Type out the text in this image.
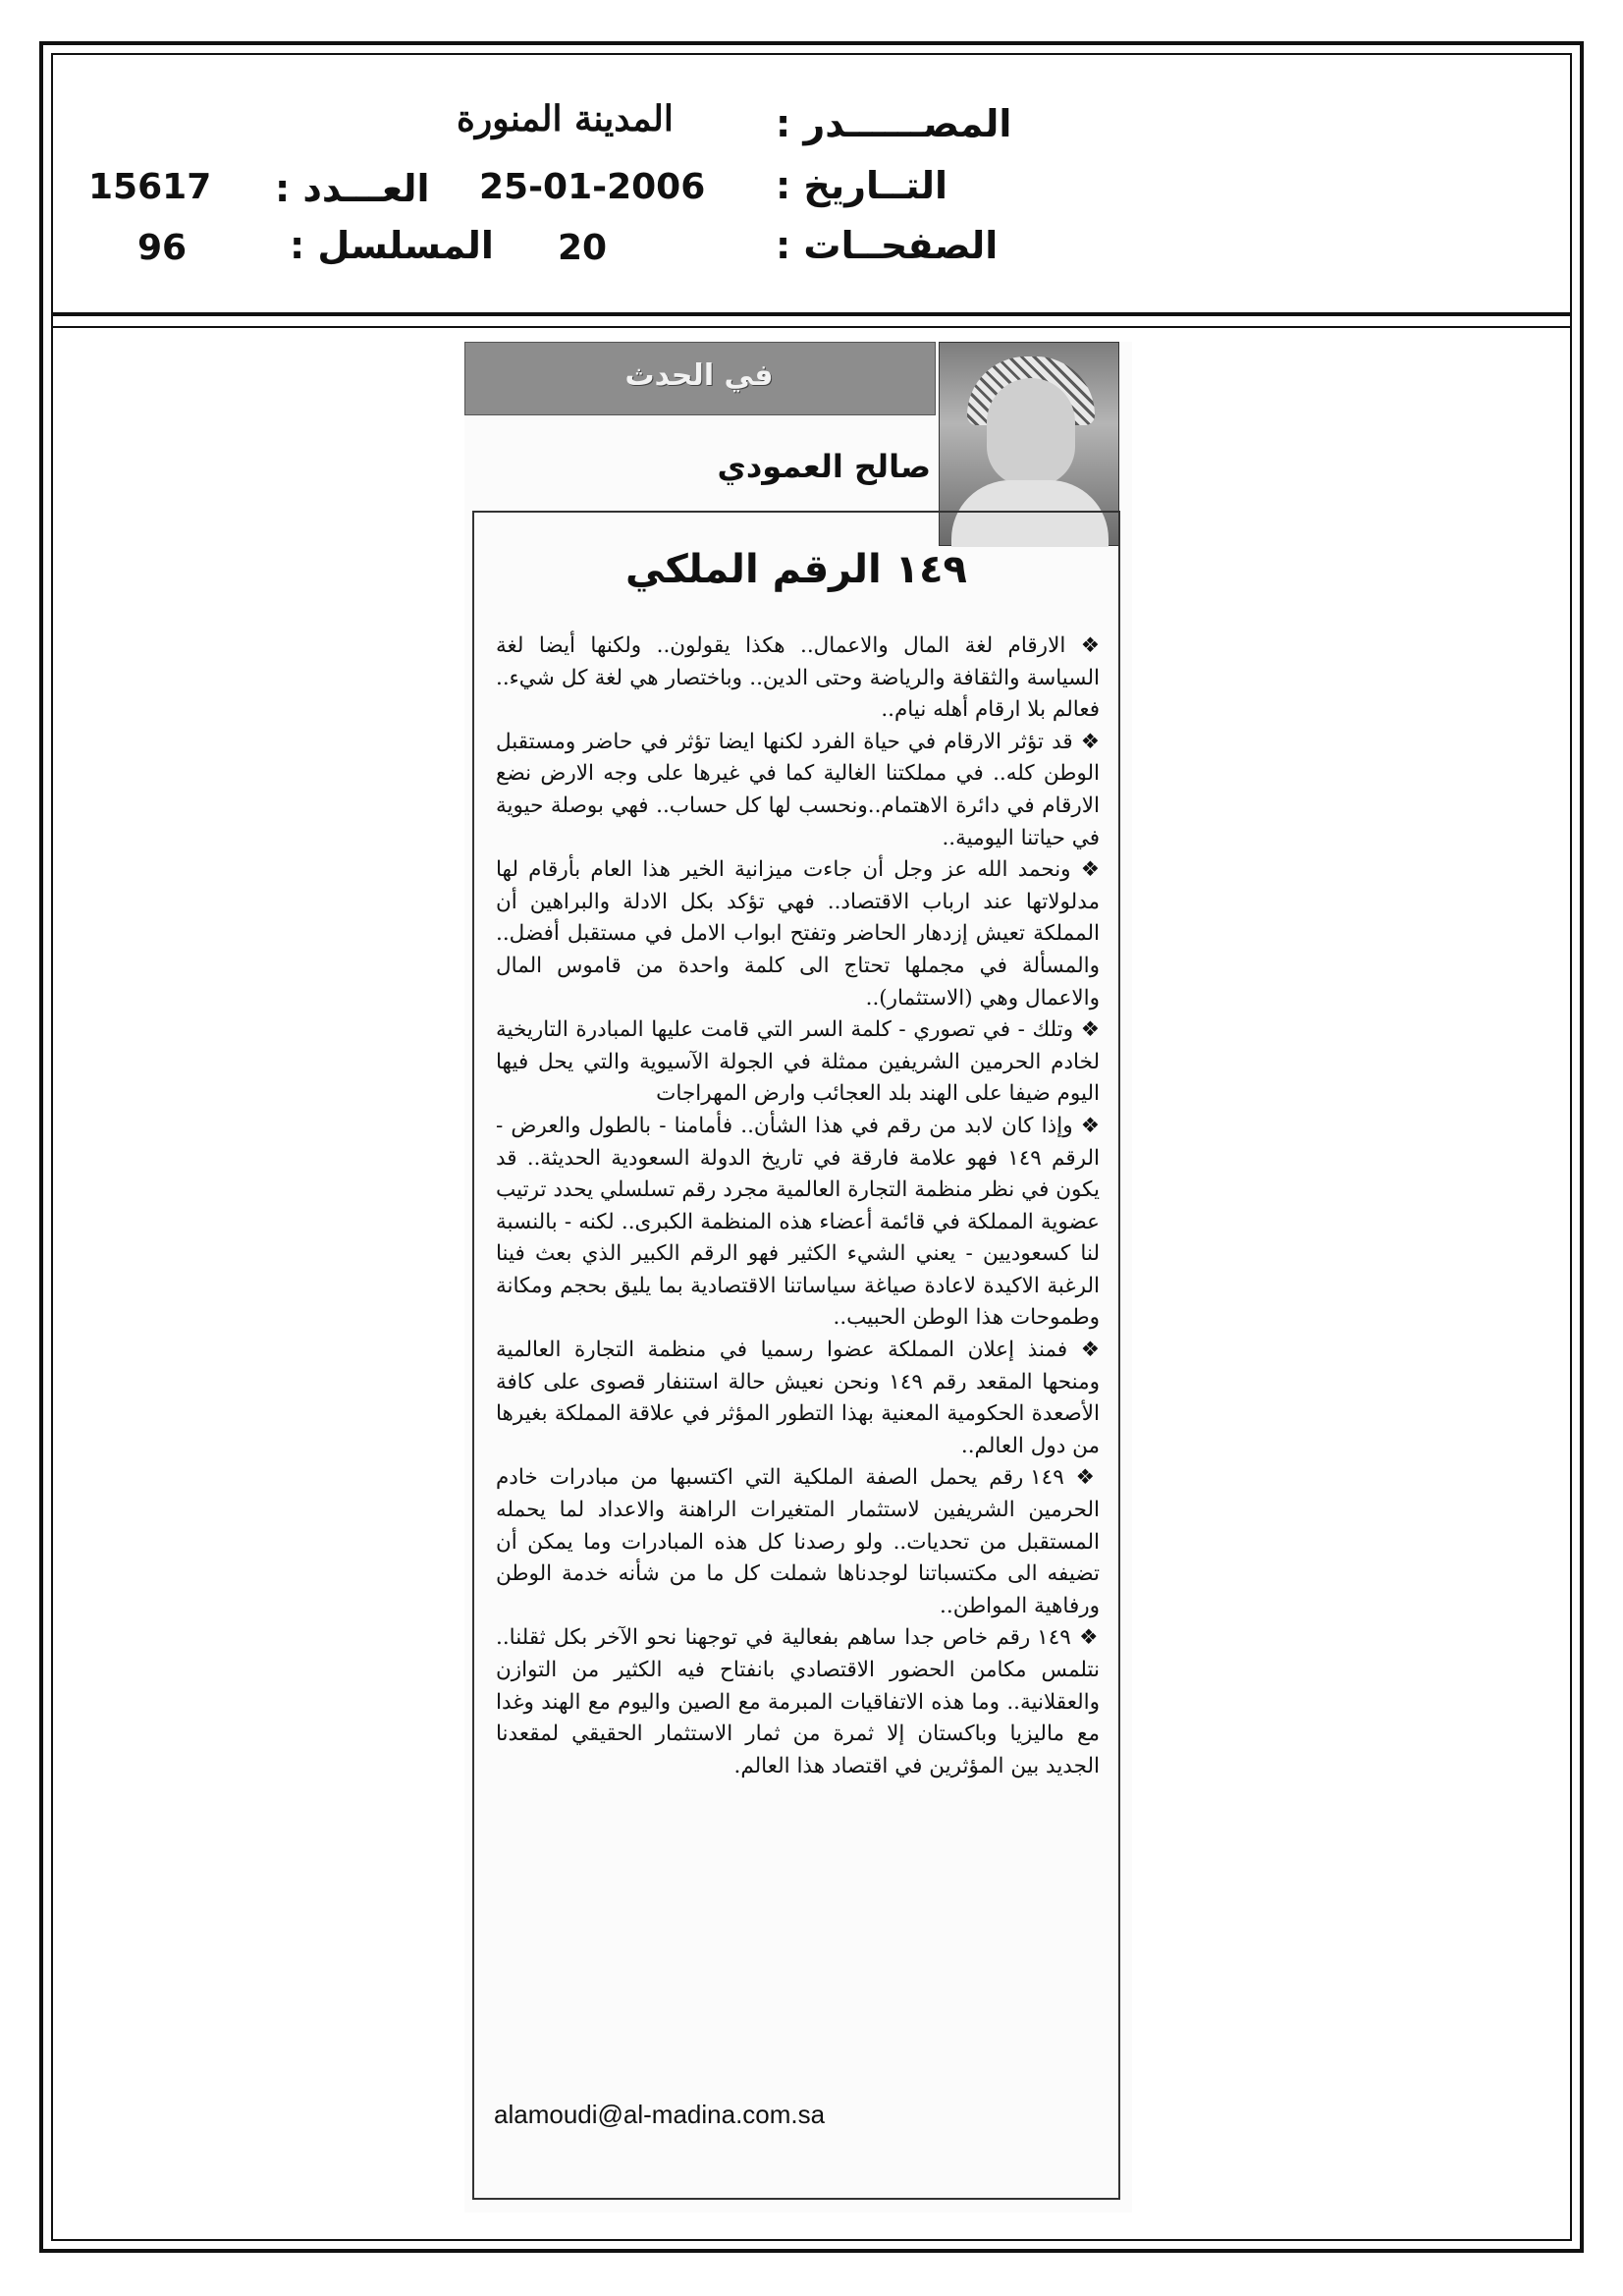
المصــــــدر :
المدينة المنورة
التــاريخ :
25-01-2006
العـــدد :
15617
الصفحــات :
20
المسلسل :
96
في الحدث
صالح العمودي
١٤٩ الرقم الملكي

❖ الارقام لغة المال والاعمال.. هكذا يقولون.. ولكنها أيضا لغة السياسة والثقافة والرياضة وحتى الدين.. وباختصار هي لغة كل شيء.. فعالم بلا ارقام أهله نيام..

❖ قد تؤثر الارقام في حياة الفرد لكنها ايضا تؤثر في حاضر ومستقبل الوطن كله.. في مملكتنا الغالية كما في غيرها على وجه الارض نضع الارقام في دائرة الاهتمام..ونحسب لها كل حساب.. فهي بوصلة حيوية في حياتنا اليومية..

❖ ونحمد الله عز وجل أن جاءت ميزانية الخير هذا العام بأرقام لها مدلولاتها عند ارباب الاقتصاد.. فهي تؤكد بكل الادلة والبراهين أن المملكة تعيش إزدهار الحاضر وتفتح ابواب الامل في مستقبل أفضل.. والمسألة في مجملها تحتاج الى كلمة واحدة من قاموس المال والاعمال وهي (الاستثمار)..

❖ وتلك - في تصوري - كلمة السر التي قامت عليها المبادرة التاريخية لخادم الحرمين الشريفين ممثلة في الجولة الآسيوية والتي يحل فيها اليوم ضيفا على الهند بلد العجائب وارض المهراجات

❖ وإذا كان لابد من رقم في هذا الشأن.. فأمامنا - بالطول والعرض - الرقم ١٤٩ فهو علامة فارقة في تاريخ الدولة السعودية الحديثة.. قد يكون في نظر منظمة التجارة العالمية مجرد رقم تسلسلي يحدد ترتيب عضوية المملكة في قائمة أعضاء هذه المنظمة الكبرى.. لكنه - بالنسبة لنا كسعوديين - يعني الشيء الكثير فهو الرقم الكبير الذي بعث فينا الرغبة الاكيدة لاعادة صياغة سياساتنا الاقتصادية بما يليق بحجم ومكانة وطموحات هذا الوطن الحبيب..

❖ فمنذ إعلان المملكة عضوا رسميا في منظمة التجارة العالمية ومنحها المقعد رقم ١٤٩ ونحن نعيش حالة استنفار قصوى على كافة الأصعدة الحكومية المعنية بهذا التطور المؤثر في علاقة المملكة بغيرها من دول العالم..

❖ ١٤٩ رقم يحمل الصفة الملكية التي اكتسبها من مبادرات خادم الحرمين الشريفين لاستثمار المتغيرات الراهنة والاعداد لما يحمله المستقبل من تحديات.. ولو رصدنا كل هذه المبادرات وما يمكن أن تضيفه الى مكتسباتنا لوجدناها شملت كل ما من شأنه خدمة الوطن ورفاهية المواطن..

❖ ١٤٩ رقم خاص جدا ساهم بفعالية في توجهنا نحو الآخر بكل ثقلنا.. نتلمس مكامن الحضور الاقتصادي بانفتاح فيه الكثير من التوازن والعقلانية.. وما هذه الاتفاقيات المبرمة مع الصين واليوم مع الهند وغدا مع ماليزيا وباكستان إلا ثمرة من ثمار الاستثمار الحقيقي لمقعدنا الجديد بين المؤثرين في اقتصاد هذا العالم.

alamoudi@al-madina.com.sa
